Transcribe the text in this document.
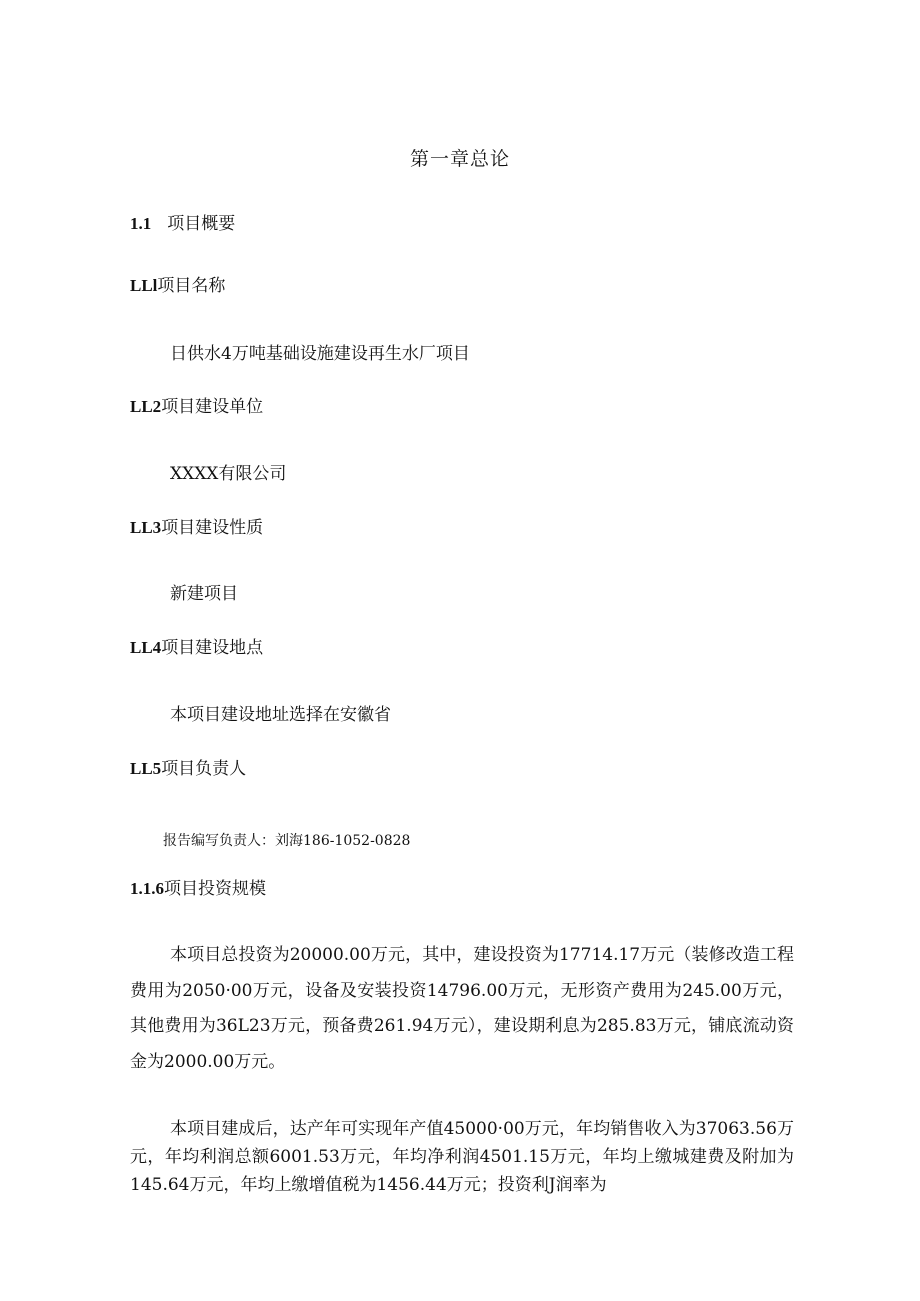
第一章总论
1.1 项目概要
LLl项目名称
日供水4万吨基础设施建设再生水厂项目
LL2项目建设单位
XXXX有限公司
LL3项目建设性质
新建项目
LL4项目建设地点
本项目建设地址选择在安徽省
LL5项目负责人
报告编写负责人：刘海186-1052-0828
1.1.6项目投资规模

本项目总投资为20000.00万元，其中，建设投资为17714.17万元（装修改造工程费用为2050·00万元，设备及安装投资14796.00万元，无形资产费用为245.00万元，其他费用为36L23万元，预备费261.94万元），建设期利息为285.83万元，铺底流动资金为2000.00万元。

本项目建成后，达产年可实现年产值45000·00万元，年均销售收入为37063.56万元，年均利润总额6001.53万元，年均净利润4501.15万元，年均上缴城建费及附加为145.64万元，年均上缴增值税为1456.44万元；投资利J润率为
